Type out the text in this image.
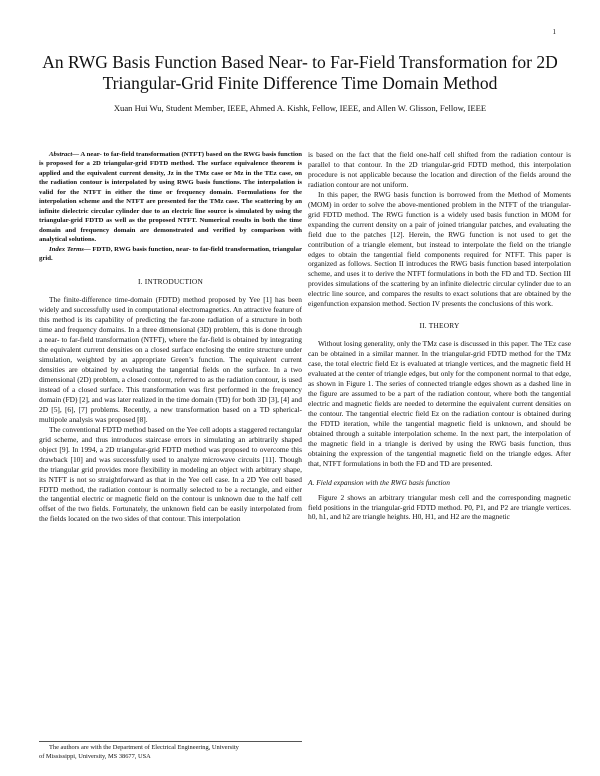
1
An RWG Basis Function Based Near- to Far-Field Transformation for 2D
Triangular-Grid Finite Difference Time Domain Method
Xuan Hui Wu, Student Member, IEEE, Ahmed A. Kishk, Fellow, IEEE, and Allen W. Glisson, Fellow, IEEE

Abstract— A near- to far-field transformation (NTFT) based on the RWG basis function is proposed for a 2D triangular-grid FDTD method. The surface equivalence theorem is applied and the equivalent current density, Jz in the TMz case or Mz in the TEz case, on the radiation contour is interpolated by using RWG basis functions. The interpolation is valid for the NTFT in either the time or frequency domain. Formulations for the interpolation scheme and the NTFT are presented for the TMz case. The scattering by an infinite dielectric circular cylinder due to an electric line source is simulated by using the triangular-grid FDTD as well as the proposed NTFT. Numerical results in both the time domain and frequency domain are demonstrated and verified by comparison with analytical solutions.

Index Terms— FDTD, RWG basis function, near- to far-field transformation, triangular grid.

I. INTRODUCTION

The finite-difference time-domain (FDTD) method proposed by Yee [1] has been widely and successfully used in computational electromagnetics. An attractive feature of this method is its capability of predicting the far-zone radiation of a structure in both time and frequency domains. In a three dimensional (3D) problem, this is done through a near- to far-field transformation (NTFT), where the far-field is obtained by integrating the equivalent current densities on a closed surface enclosing the entire structure under simulation, weighted by an appropriate Green’s function. The equivalent current densities are obtained by evaluating the tangential fields on the surface. In a two dimensional (2D) problem, a closed contour, referred to as the radiation contour, is used instead of a closed surface. This transformation was first performed in the frequency domain (FD) [2], and was later realized in the time domain (TD) for both 3D [3], [4] and 2D [5], [6], [7] problems. Recently, a new transformation based on a TD spherical-multipole analysis was proposed [8].

The conventional FDTD method based on the Yee cell adopts a staggered rectangular grid scheme, and thus introduces staircase errors in simulating an arbitrarily shaped object [9]. In 1994, a 2D triangular-grid FDTD method was proposed to overcome this drawback [10] and was successfully used to analyze microwave circuits [11]. Though the triangular grid provides more flexibility in modeling an object with arbitrary shape, its NTFT is not so straightforward as that in the Yee cell case. In a 2D Yee cell based FDTD method, the radiation contour is normally selected to be a rectangle, and either the tangential electric or magnetic field on the contour is unknown due to the half cell offset of the two fields. Fortunately, the unknown field can be easily interpolated from the fields located on the two sides of that contour. This interpolation

is based on the fact that the field one-half cell shifted from the radiation contour is parallel to that contour. In the 2D triangular-grid FDTD method, this interpolation procedure is not applicable because the location and direction of the fields around the radiation contour are not uniform.

In this paper, the RWG basis function is borrowed from the Method of Moments (MOM) in order to solve the above-mentioned problem in the NTFT of the triangular-grid FDTD method. The RWG function is a widely used basis function in MOM for expanding the current density on a pair of joined triangular patches, and evaluating the field due to the patches [12]. Herein, the RWG function is not used to get the contribution of a triangle element, but instead to interpolate the field on the triangle edges to obtain the tangential field components required for NTFT. This paper is organized as follows. Section II introduces the RWG basis function based interpolation scheme, and uses it to derive the NTFT formulations in both the FD and TD. Section III provides simulations of the scattering by an infinite dielectric circular cylinder due to an electric line source, and compares the results to exact solutions that are obtained by the eigenfunction expansion method. Section IV presents the conclusions of this work.

II. THEORY

Without losing generality, only the TMz case is discussed in this paper. The TEz case can be obtained in a similar manner. In the triangular-grid FDTD method for the TMz case, the total electric field Ez is evaluated at triangle vertices, and the magnetic field H evaluated at the center of triangle edges, but only for the component normal to that edge, as shown in Figure 1. The series of connected triangle edges shown as a dashed line in the figure are assumed to be a part of the radiation contour, where both the tangential electric and magnetic fields are needed to determine the equivalent current densities on the contour. The tangential electric field Ez on the radiation contour is obtained during the FDTD iteration, while the tangential magnetic field is unknown, and should be obtained through a suitable interpolation scheme. In the next part, the interpolation of the magnetic field in a triangle is derived by using the RWG basis function, thus obtaining the expression of the tangential magnetic field on the triangle edges. After that, NTFT formulations in both the FD and TD are presented.

A. Field expansion with the RWG basis function

Figure 2 shows an arbitrary triangular mesh cell and the corresponding magnetic field positions in the triangular-grid FDTD method. P0, P1, and P2 are triangle vertices. h0, h1, and h2 are triangle heights. H0, H1, and H2 are the magnetic

The authors are with the Department of Electrical Engineering, University
of Mississippi, University, MS 38677, USA
